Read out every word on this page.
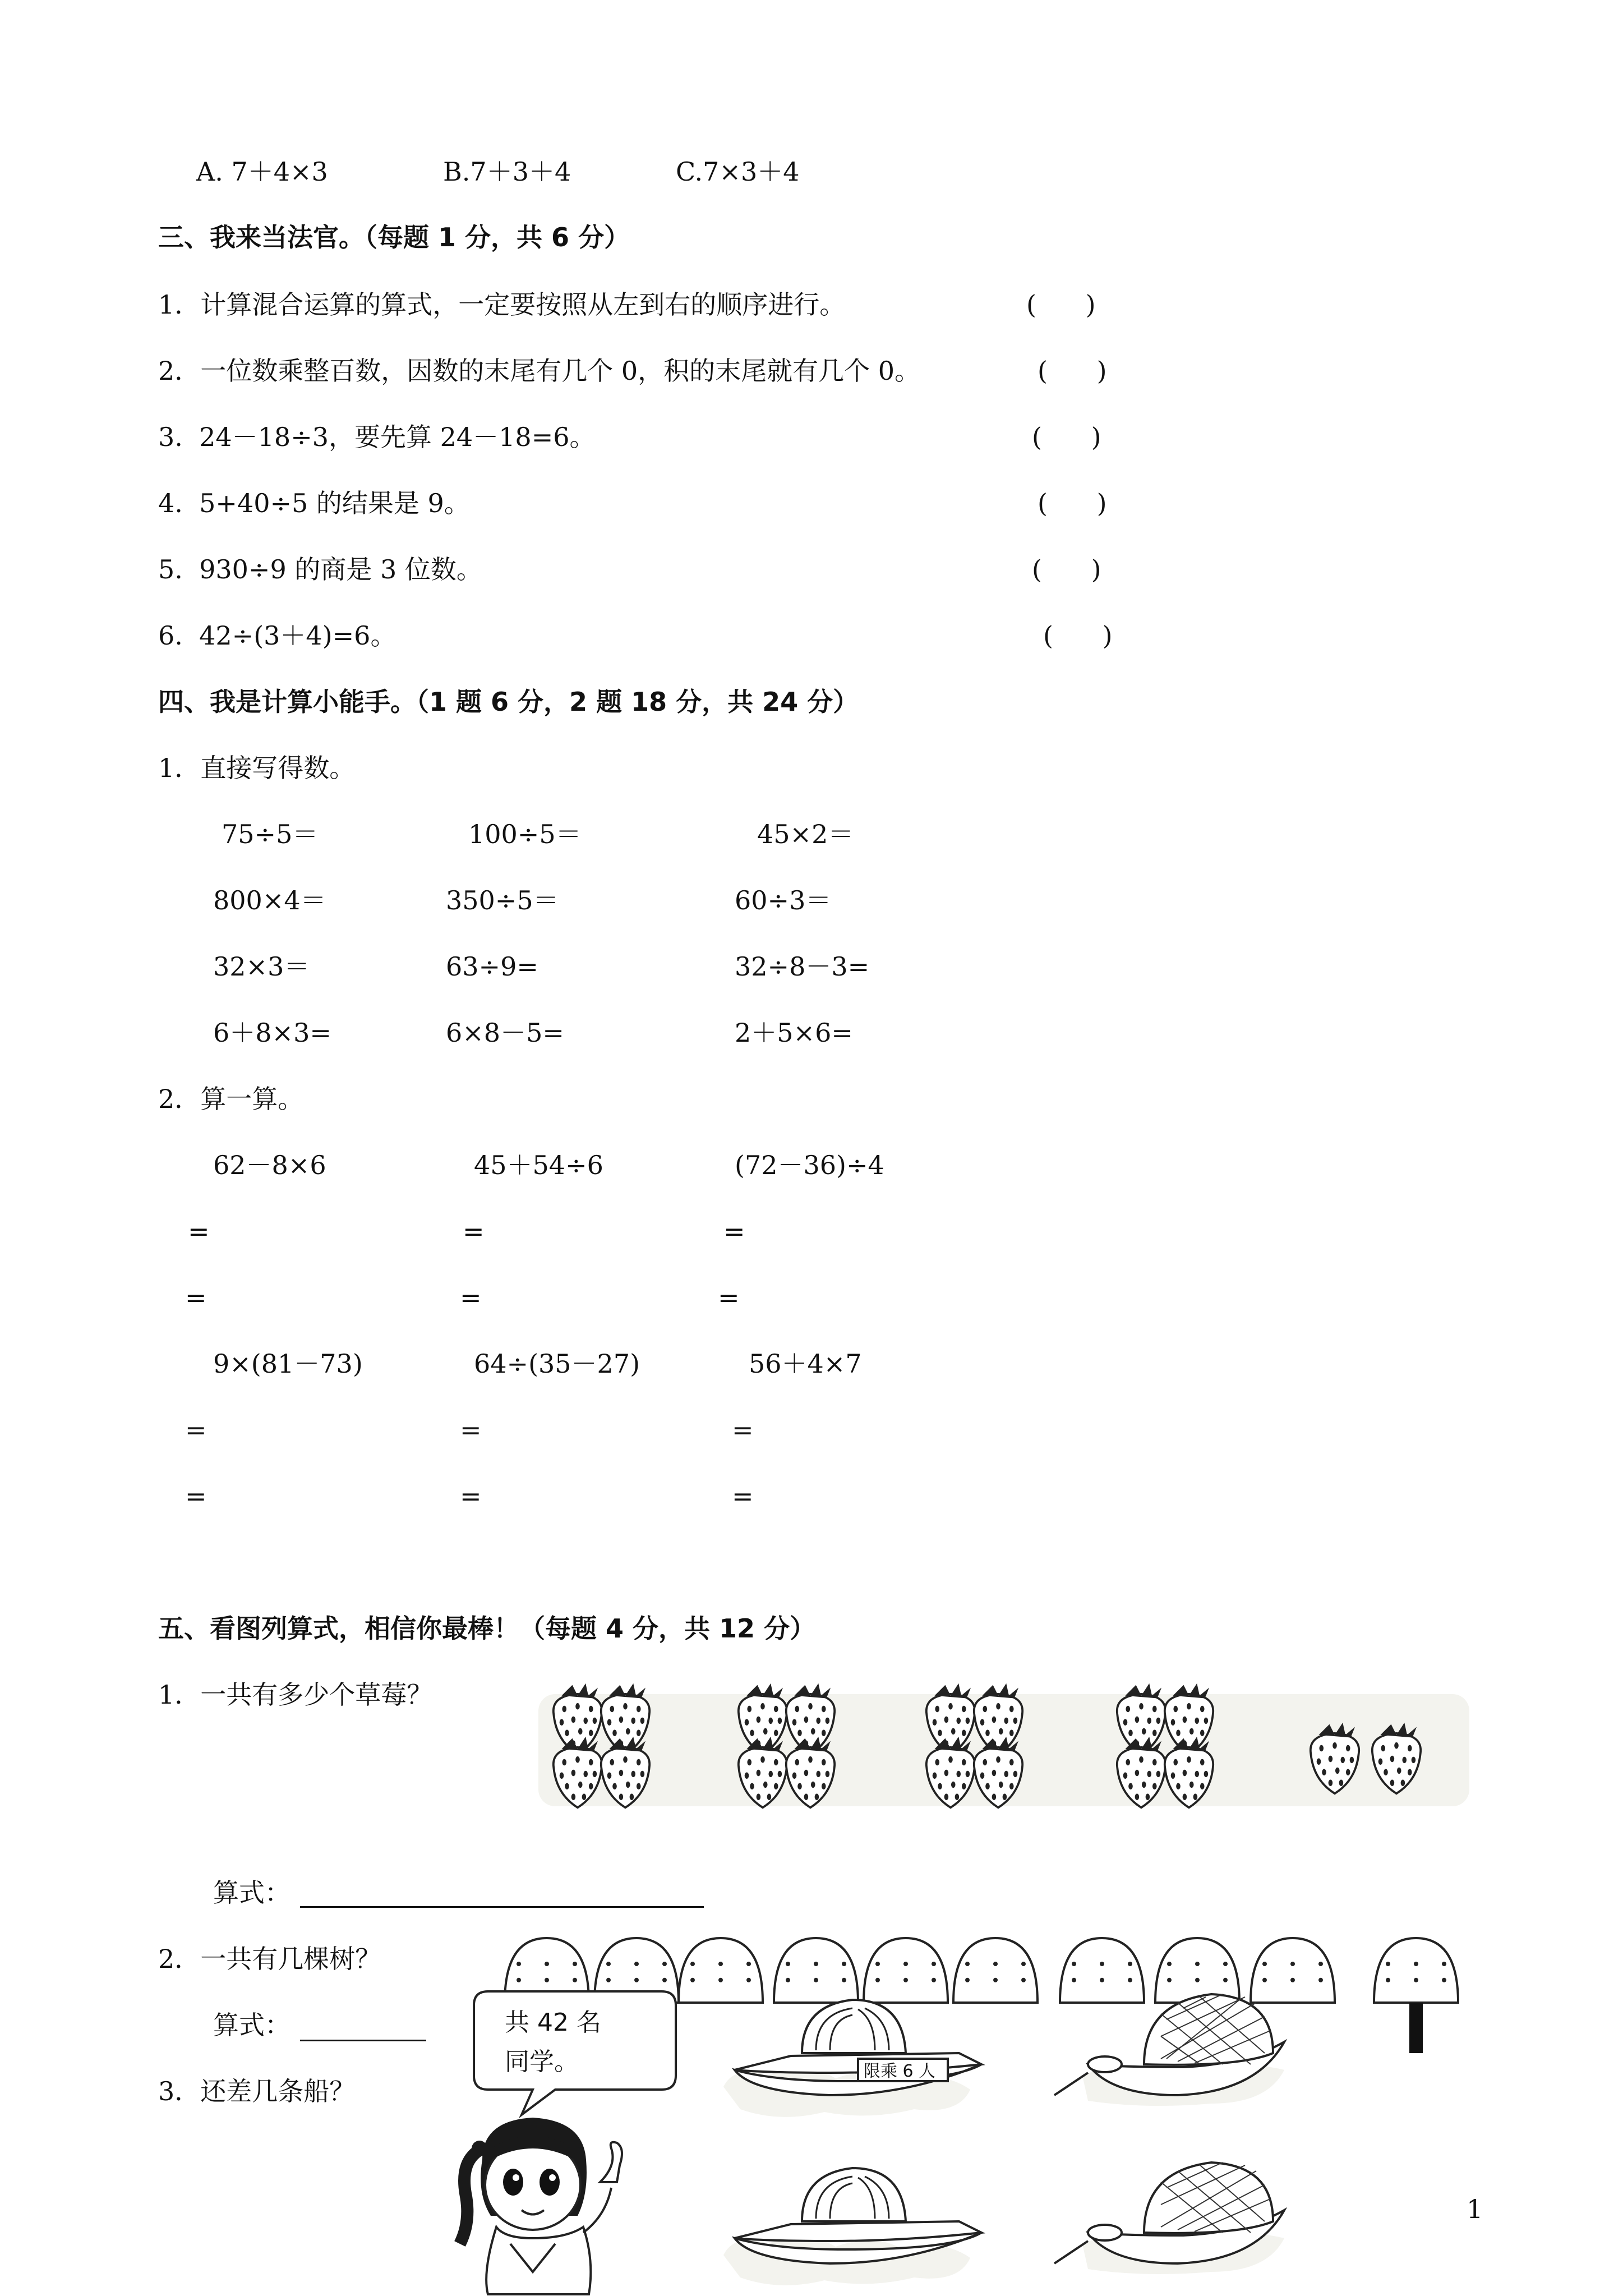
A. 7＋4×3	B.7＋3＋4	C.7×3＋4
三、我来当法官。（每题 1 分，共 6 分）
1．计算混合运算的算式，一定要按照从左到右的顺序进行。	(      )
2．一位数乘整百数，因数的末尾有几个 0，积的末尾就有几个 0。	(      )
3.  24－18÷3，要先算 24－18=6。	(      )
4.  5+40÷5 的结果是 9。	(      )
5.  930÷9 的商是 3 位数。	(      )
6.  42÷(3＋4)=6。	(      )
四、我是计算小能手。（1 题 6 分，2 题 18 分，共 24 分）
1．直接写得数。
75÷5＝	100÷5＝	45×2＝
800×4＝	350÷5＝	60÷3＝
32×3＝	63÷9=	32÷8－3=
6＋8×3=	6×8－5=	2＋5×6=
2．算一算。
62－8×6	45＋54÷6	(72－36)÷4
=	=	=
=	=	=
9×(81－73)	64÷(35－27)	56＋4×7
=	=	=
=	=	=
五、看图列算式，相信你最棒！（每题 4 分，共 12 分）
1．一共有多少个草莓？
算式：
2．一共有几棵树？
算式：
3．还差几条船？
共 42 名
同学。	限乘 6 人
1
